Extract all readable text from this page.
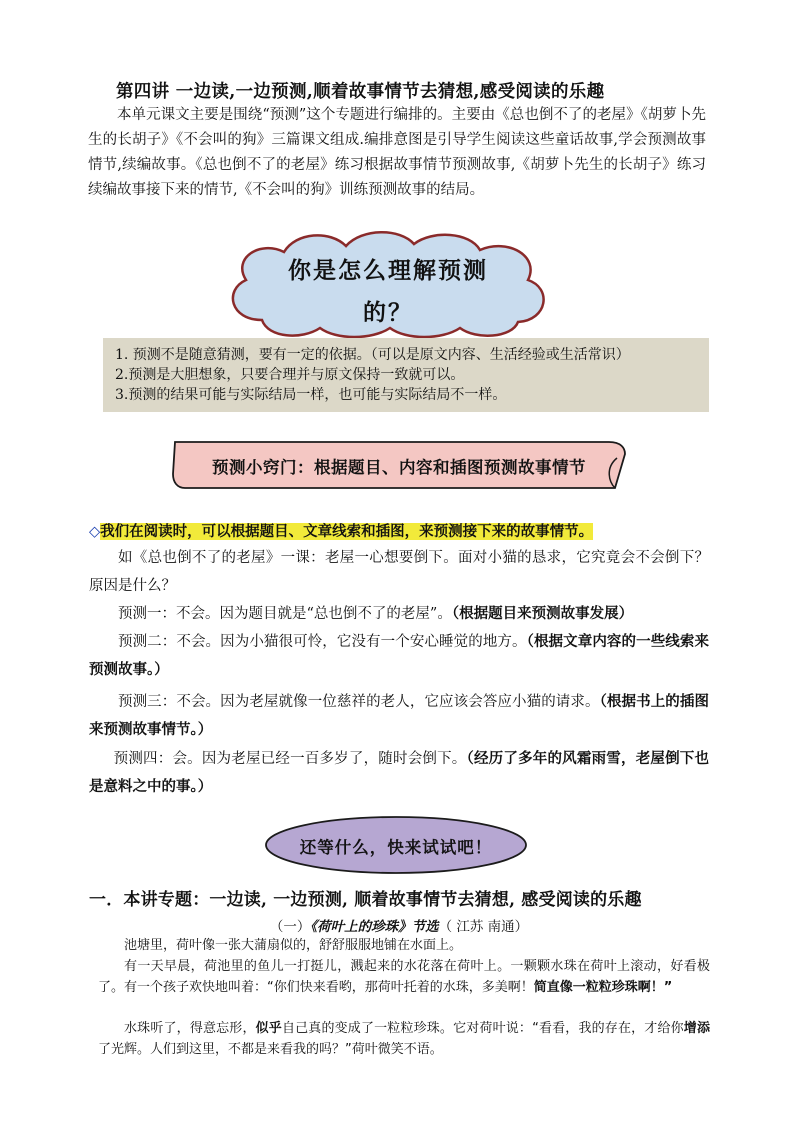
第四讲 一边读,一边预测,顺着故事情节去猜想,感受阅读的乐趣
本单元课文主要是围绕“预测”这个专题进行编排的。主要由《总也倒不了的老屋》《胡萝卜先生的长胡子》《不会叫的狗》三篇课文组成.编排意图是引导学生阅读这些童话故事,学会预测故事情节,续编故事。《总也倒不了的老屋》练习根据故事情节预测故事,《胡萝卜先生的长胡子》练习续编故事接下来的情节,《不会叫的狗》训练预测故事的结局。
你是怎么理解预测
的？
1. 预测不是随意猜测，要有一定的依据。（可以是原文内容、生活经验或生活常识）
2.预测是大胆想象，只要合理并与原文保持一致就可以。
3.预测的结果可能与实际结局一样，也可能与实际结局不一样。
预测小窍门：根据题目、内容和插图预测故事情节
◇我们在阅读时，可以根据题目、文章线索和插图，来预测接下来的故事情节。
如《总也倒不了的老屋》一课：老屋一心想要倒下。面对小猫的恳求，它究竟会不会倒下？原因是什么？
预测一：不会。因为题目就是“总也倒不了的老屋”。（根据题目来预测故事发展）
预测二：不会。因为小猫很可怜，它没有一个安心睡觉的地方。（根据文章内容的一些线索来预测故事。）
预测三：不会。因为老屋就像一位慈祥的老人，它应该会答应小猫的请求。（根据书上的插图来预测故事情节。）
预测四：会。因为老屋已经一百多岁了，随时会倒下。（经历了多年的风霜雨雪，老屋倒下也是意料之中的事。）
还等什么，快来试试吧！
一．本讲专题：一边读, 一边预测, 顺着故事情节去猜想, 感受阅读的乐趣
（一）《荷叶上的珍珠》节选（ 江苏 南通）
池塘里，荷叶像一张大蒲扇似的，舒舒服服地铺在水面上。
有一天早晨，荷池里的鱼儿一打挺儿，溅起来的水花落在荷叶上。一颗颗水珠在荷叶上滚动，好看极了。有一个孩子欢快地叫着：“你们快来看哟，那荷叶托着的水珠，多美啊！简直像一粒粒珍珠啊！”
水珠听了，得意忘形，似乎自己真的变成了一粒粒珍珠。它对荷叶说：“看看，我的存在，才给你增添了光辉。人们到这里，不都是来看我的吗？”荷叶微笑不语。
